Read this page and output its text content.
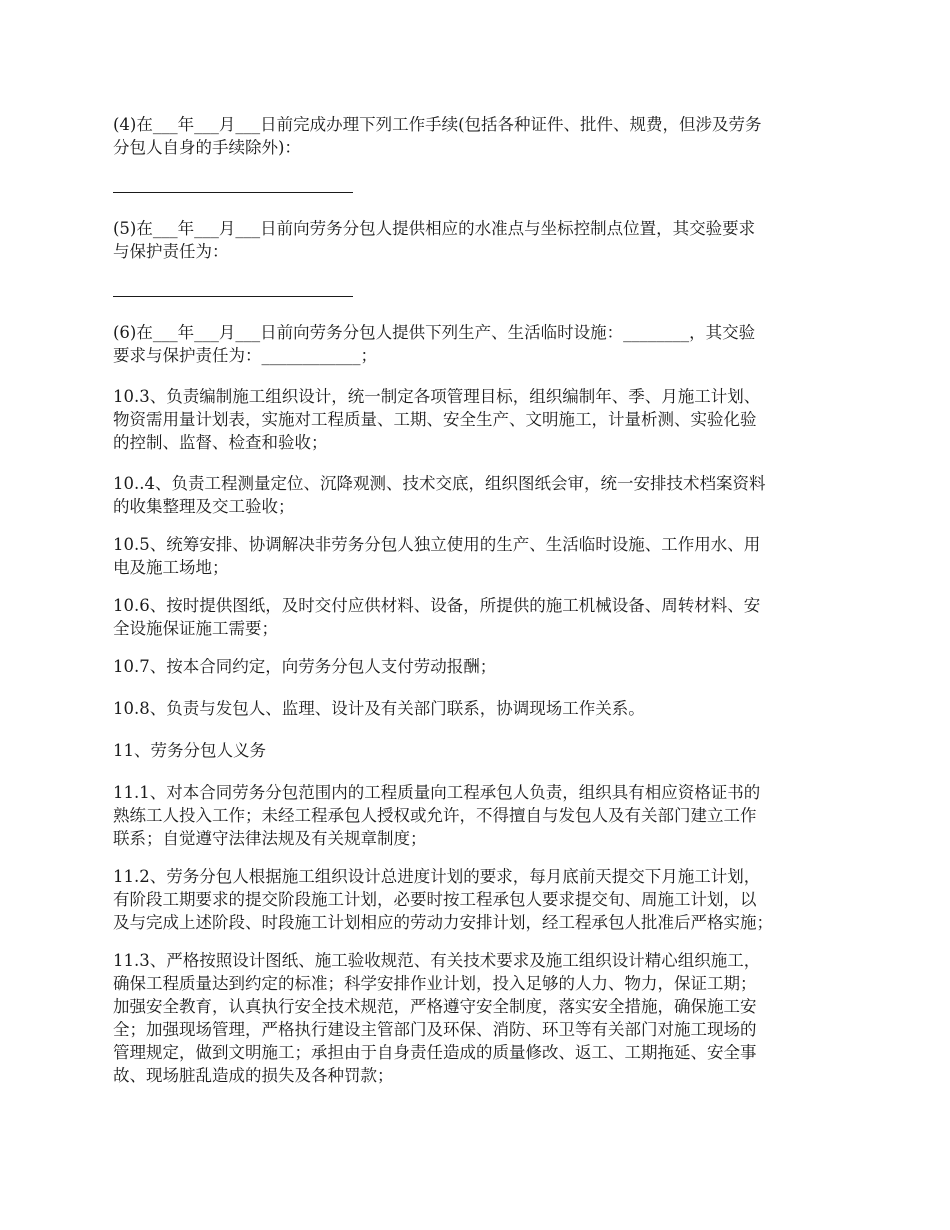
(4)在___年___月___日前完成办理下列工作手续(包括各种证件、批件、规费，但涉及劳务
分包人自身的手续除外)：

(5)在___年___月___日前向劳务分包人提供相应的水准点与坐标控制点位置，其交验要求
与保护责任为：

(6)在___年___月___日前向劳务分包人提供下列生产、生活临时设施：________，其交验
要求与保护责任为：____________；

10.3、负责编制施工组织设计，统一制定各项管理目标，组织编制年、季、月施工计划、
物资需用量计划表，实施对工程质量、工期、安全生产、文明施工，计量析测、实验化验
的控制、监督、检查和验收；

10..4、负责工程测量定位、沉降观测、技术交底，组织图纸会审，统一安排技术档案资料
的收集整理及交工验收；

10.5、统筹安排、协调解决非劳务分包人独立使用的生产、生活临时设施、工作用水、用
电及施工场地；

10.6、按时提供图纸，及时交付应供材料、设备，所提供的施工机械设备、周转材料、安
全设施保证施工需要；

10.7、按本合同约定，向劳务分包人支付劳动报酬；

10.8、负责与发包人、监理、设计及有关部门联系，协调现场工作关系。

11、劳务分包人义务

11.1、对本合同劳务分包范围内的工程质量向工程承包人负责，组织具有相应资格证书的
熟练工人投入工作；未经工程承包人授权或允许，不得擅自与发包人及有关部门建立工作
联系；自觉遵守法律法规及有关规章制度；

11.2、劳务分包人根据施工组织设计总进度计划的要求，每月底前天提交下月施工计划，
有阶段工期要求的提交阶段施工计划，必要时按工程承包人要求提交旬、周施工计划，以
及与完成上述阶段、时段施工计划相应的劳动力安排计划，经工程承包人批准后严格实施；

11.3、严格按照设计图纸、施工验收规范、有关技术要求及施工组织设计精心组织施工，
确保工程质量达到约定的标准；科学安排作业计划，投入足够的人力、物力，保证工期；
加强安全教育，认真执行安全技术规范，严格遵守安全制度，落实安全措施，确保施工安
全；加强现场管理，严格执行建设主管部门及环保、消防、环卫等有关部门对施工现场的
管理规定，做到文明施工；承担由于自身责任造成的质量修改、返工、工期拖延、安全事
故、现场脏乱造成的损失及各种罚款；
